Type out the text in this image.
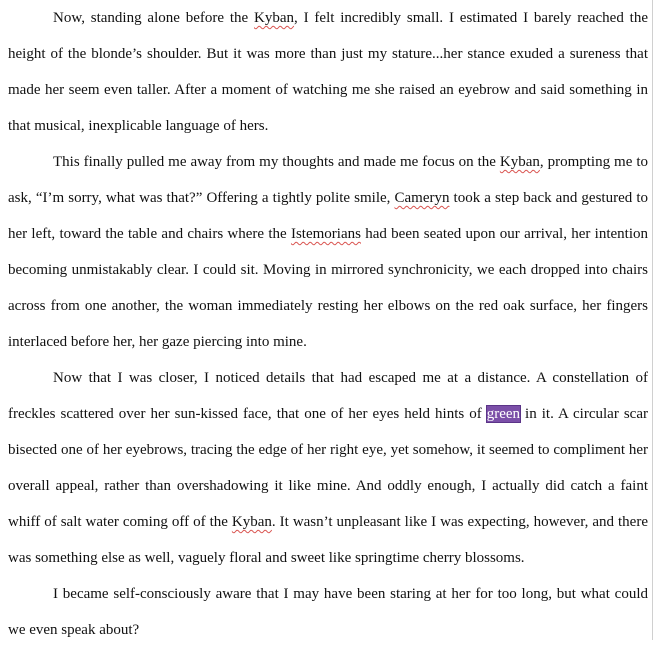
Now, standing alone before the Kyban, I felt incredibly small. I estimated I barely reached the height of the blonde’s shoulder. But it was more than just my stature...her stance exuded a sureness that made her seem even taller. After a moment of watching me she raised an eyebrow and said something in that musical, inexplicable language of hers.

This finally pulled me away from my thoughts and made me focus on the Kyban, prompting me to ask, “I’m sorry, what was that?” Offering a tightly polite smile, Cameryn took a step back and gestured to her left, toward the table and chairs where the Istemorians had been seated upon our arrival, her intention becoming unmistakably clear. I could sit. Moving in mirrored synchronicity, we each dropped into chairs across from one another, the woman immediately resting her elbows on the red oak surface, her fingers interlaced before her, her gaze piercing into mine.

Now that I was closer, I noticed details that had escaped me at a distance. A constellation of freckles scattered over her sun-kissed face, that one of her eyes held hints of green in it. A circular scar bisected one of her eyebrows, tracing the edge of her right eye, yet somehow, it seemed to compliment her overall appeal, rather than overshadowing it like mine. And oddly enough, I actually did catch a faint whiff of salt water coming off of the Kyban. It wasn’t unpleasant like I was expecting, however, and there was something else as well, vaguely floral and sweet like springtime cherry blossoms.

I became self-consciously aware that I may have been staring at her for too long, but what could we even speak about?
